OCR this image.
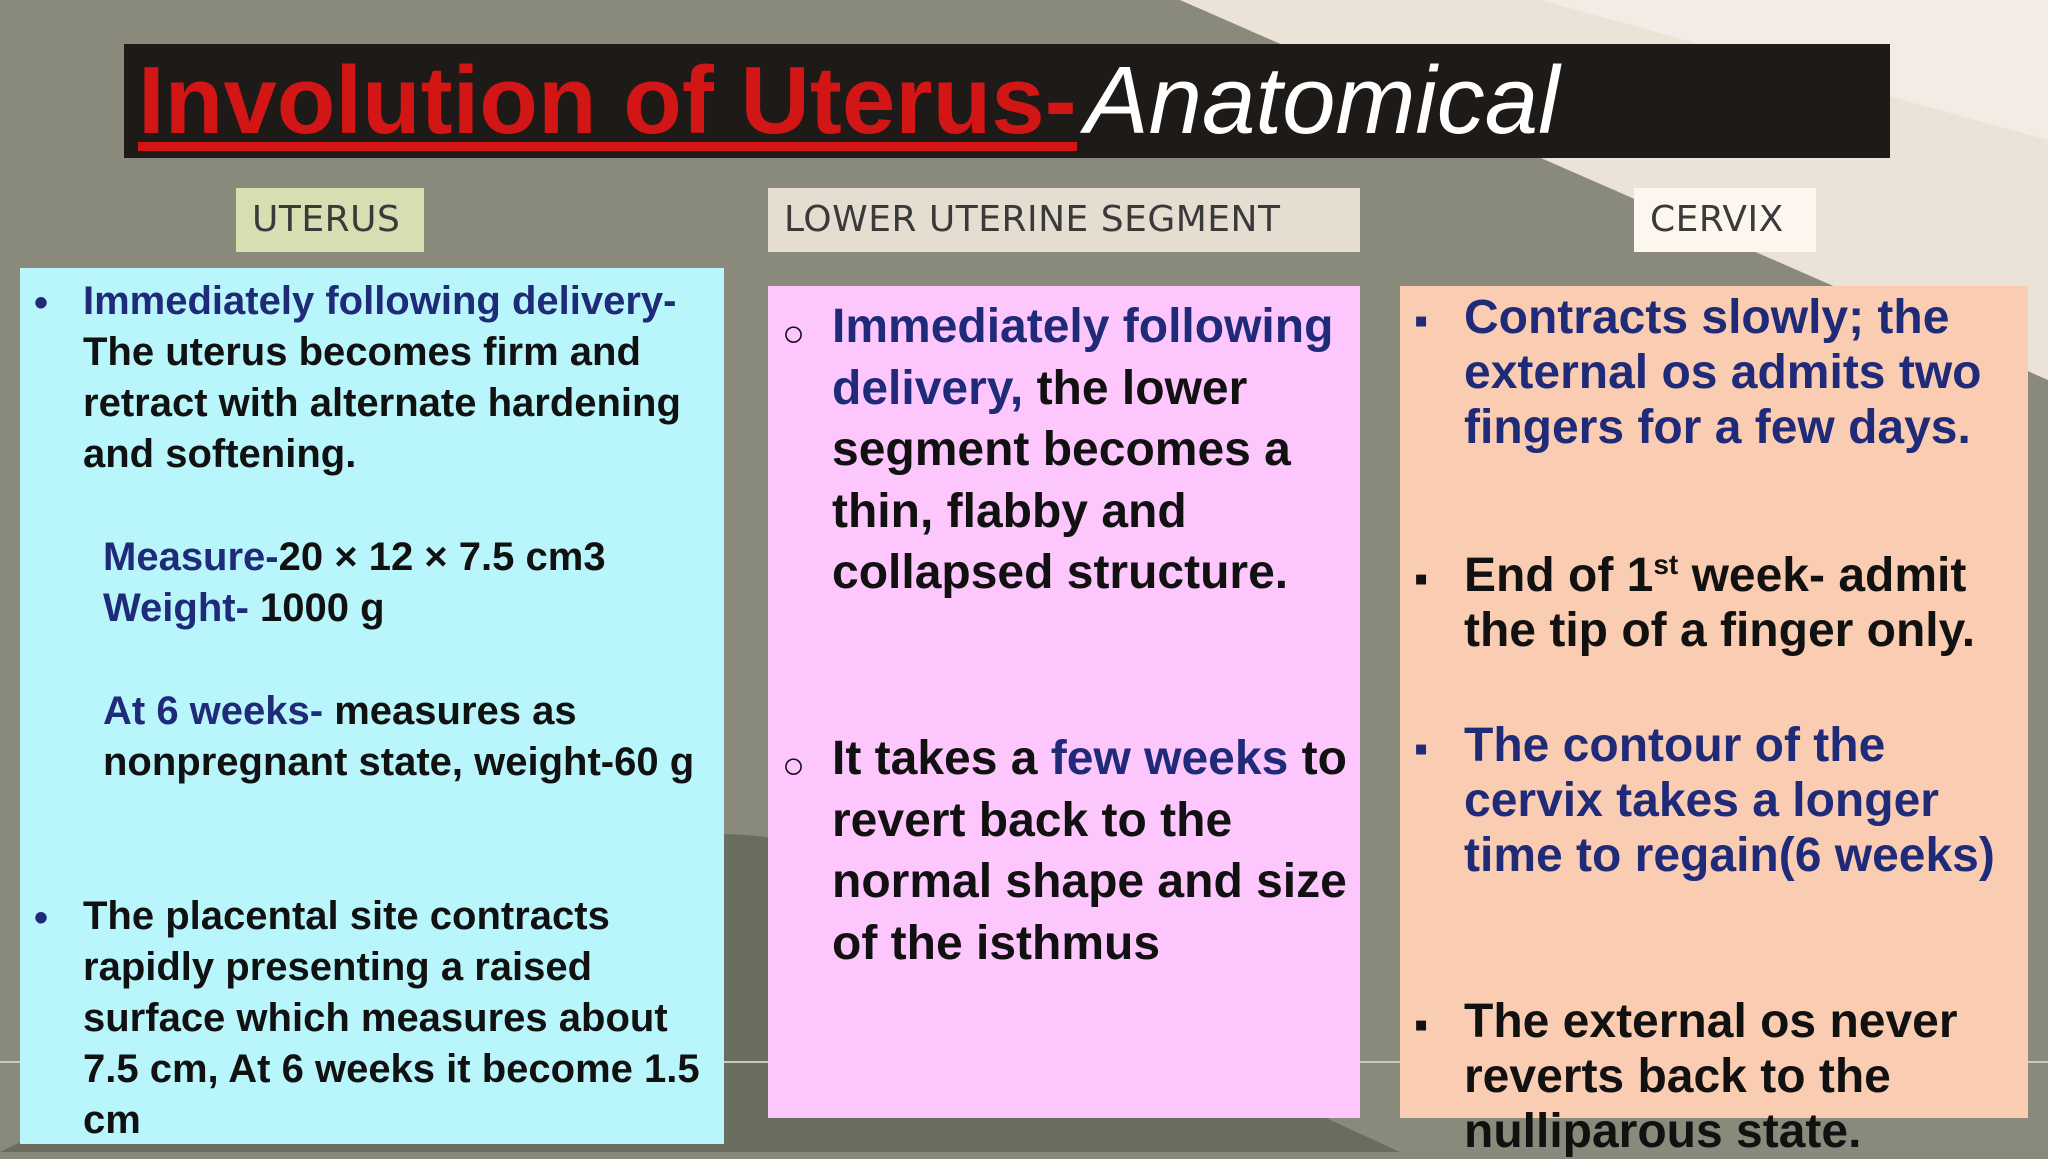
Involution of Uterus-Anatomical
UTERUS	LOWER UTERINE SEGMENT	CERVIX
• Immediately following delivery- The uterus becomes firm and retract with alternate hardening and softening.

Measure-20 × 12 × 7.5 cm3
Weight- 1000 g

At 6 weeks- measures as nonpregnant state, weight-60 g

• The placental site contracts rapidly presenting a raised surface which measures about 7.5 cm, At 6 weeks it become 1.5 cm

○ Immediately following delivery, the lower segment becomes a thin, flabby and collapsed structure.

○ It takes a few weeks to revert back to the normal shape and size of the isthmus

▪ Contracts slowly; the external os admits two fingers for a few days.

▪ End of 1st week- admit the tip of a finger only.

▪ The contour of the cervix takes a longer time to regain(6 weeks)

▪ The external os never reverts back to the nulliparous state.
